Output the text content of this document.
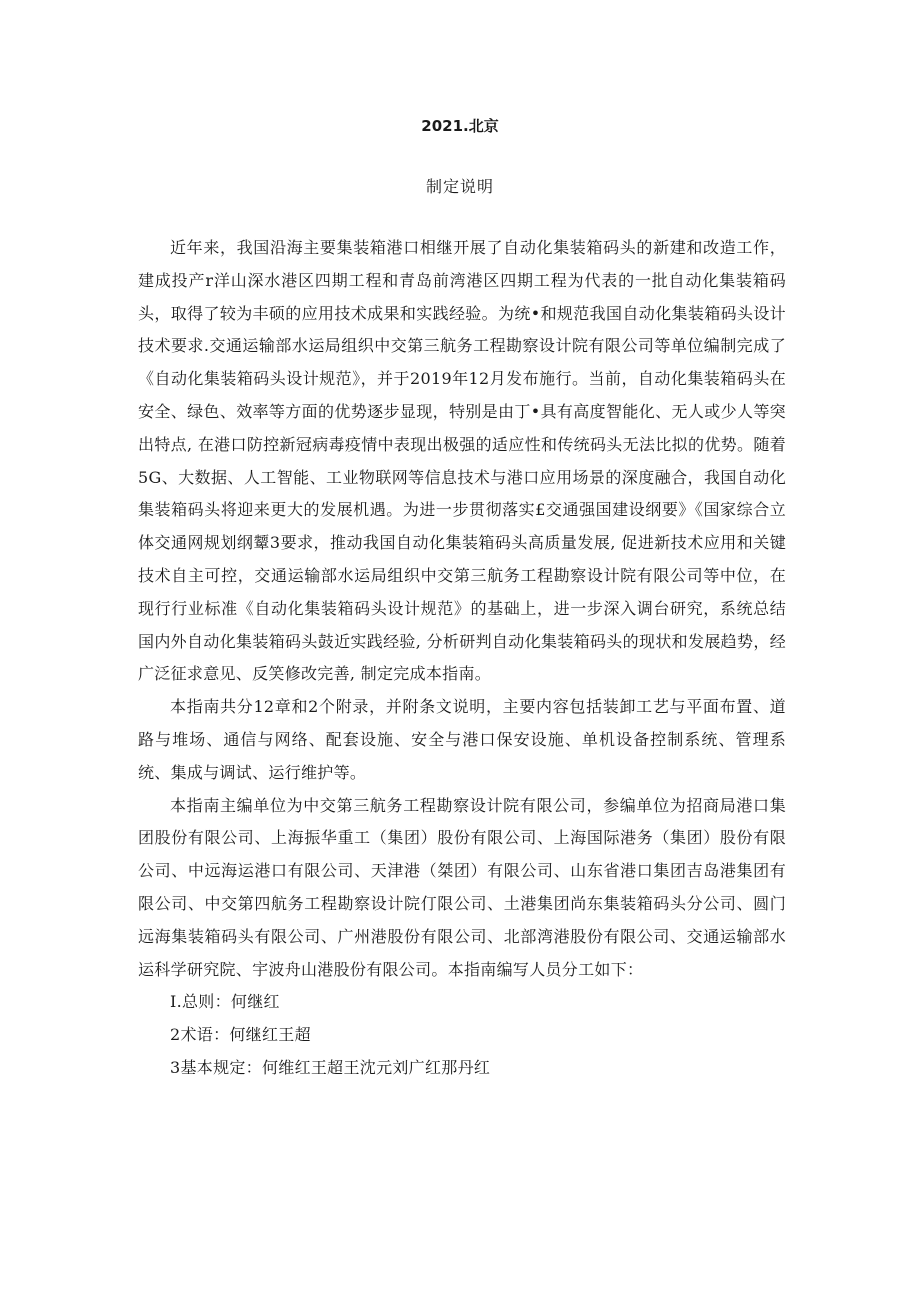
2021.北京
制定说明

近年来，我国沿海主要集装箱港口相继开展了自动化集装箱码头的新建和改造工作，建成投产r洋山深水港区四期工程和青岛前湾港区四期工程为代表的一批自动化集装箱码头，取得了较为丰硕的应用技术成果和实践经验。为统•和规范我国自动化集装箱码头设计技术要求.交通运输部水运局组织中交第三航务工程勘察设计院有限公司等单位编制完成了《自动化集装箱码头设计规范》，并于2019年12月发布施行。当前，自动化集装箱码头在安全、绿色、效率等方面的优势逐步显现，特别是由丁•具有高度智能化、无人或少人等突出特点, 在港口防控新冠病毒疫情中表现出极强的适应性和传统码头无法比拟的优势。随着5G、大数据、人工智能、工业物联网等信息技术与港口应用场景的深度融合，我国自动化集装箱码头将迎来更大的发展机遇。为进一步贯彻落实£交通强国建设纲要》《国家综合立体交通网规划纲颦3要求，推动我国自动化集装箱码头高质量发展, 促进新技术应用和关键技术自主可控，交通运输部水运局组织中交第三航务工程勘察设计院有限公司等中位，在现行行业标准《自动化集装箱码头设计规范》的基础上，进一步深入调台研究，系统总结国内外自动化集装箱码头鼓近实践经验, 分析研判自动化集装箱码头的现状和发展趋势，经广泛征求意见、反笑修改完善, 制定完成本指南。

本指南共分12章和2个附录，并附条文说明，主要内容包括装卸工艺与平面布置、道路与堆场、通信与网络、配套设施、安全与港口保安设施、单机设备控制系统、管理系统、集成与调试、运行维护等。

本指南主编单位为中交第三航务工程勘察设计院有限公司，参编单位为招商局港口集团股份有限公司、上海振华重工（集团）股份有限公司、上海国际港务（集团）股份有限公司、中远海运港口有限公司、天津港（桀团）有限公司、山东省港口集团吉岛港集团有限公司、中交第四航务工程勘察设计院仃限公司、土港集团尚东集装箱码头分公司、圆门远海集装箱码头有限公司、广州港股份有限公司、北部湾港股份有限公司、交通运输部水运科学研究院、宇波舟山港股份有限公司。本指南编写人员分工如下：

I.总则：何继红

2术语：何继红王超

3基本规定：何维红王超王沈元刘广红那丹红
